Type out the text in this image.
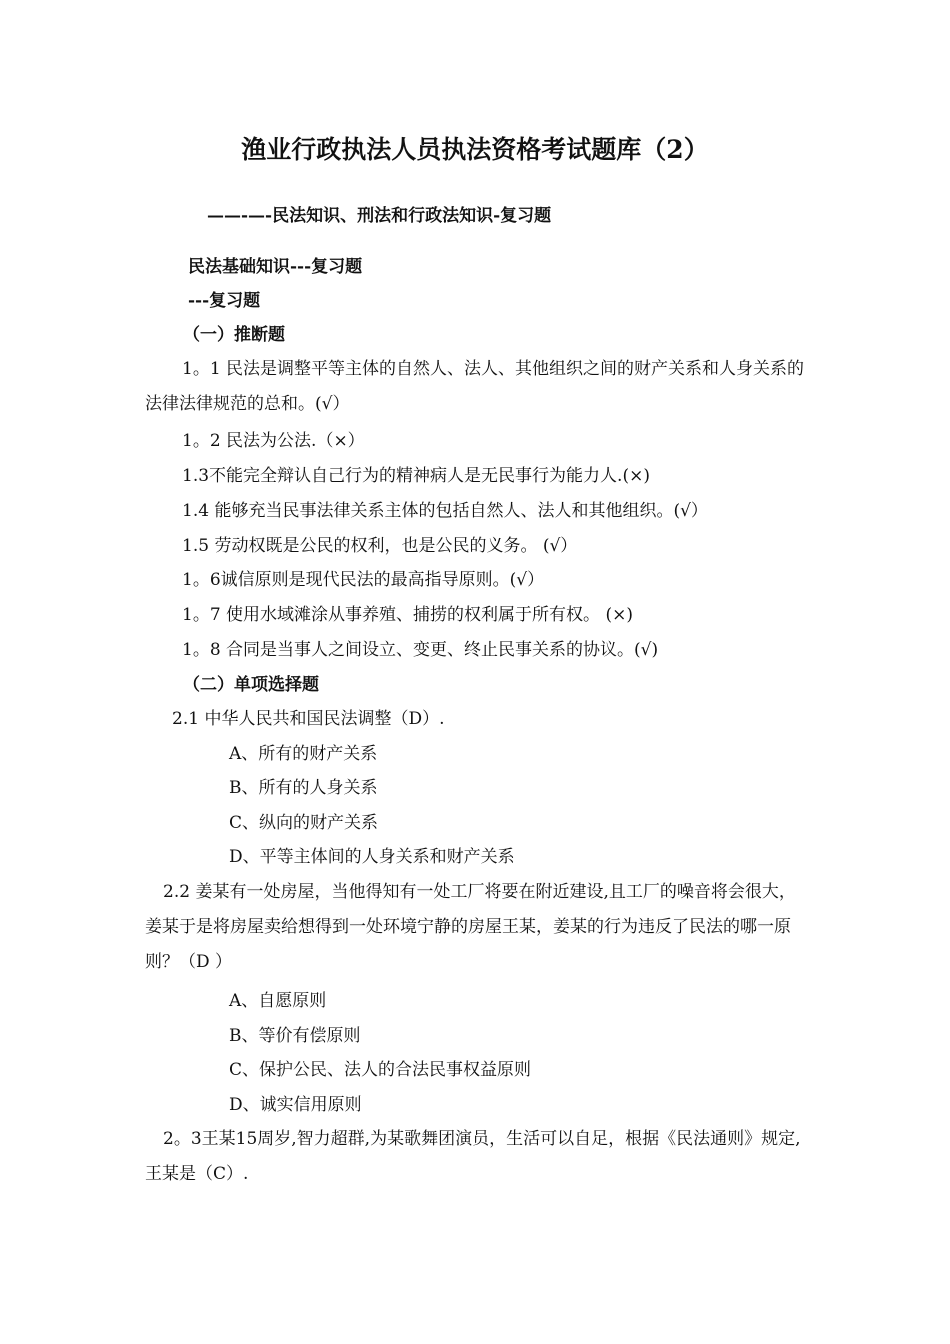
渔业行政执法人员执法资格考试题库（2）
——-—-民法知识、刑法和行政法知识-复习题
民法基础知识---复习题
---复习题
（一）推断题
1。1 民法是调整平等主体的自然人、法人、其他组织之间的财产关系和人身关系的法律法律规范的总和。(√）
1。2 民法为公法.（×）
1.3不能完全辩认自己行为的精神病人是无民事行为能力人.(×)
1.4 能够充当民事法律关系主体的包括自然人、法人和其他组织。(√）
1.5 劳动权既是公民的权利，也是公民的义务。 (√）
1。6诚信原则是现代民法的最高指导原则。(√）
1。7 使用水域滩涂从事养殖、捕捞的权利属于所有权。 (×)
1。8 合同是当事人之间设立、变更、终止民事关系的协议。(√)
（二）单项选择题
2.1 中华人民共和国民法调整（D）.
A、所有的财产关系
B、所有的人身关系
C、纵向的财产关系
D、平等主体间的人身关系和财产关系
2.2 姜某有一处房屋，当他得知有一处工厂将要在附近建设,且工厂的噪音将会很大，姜某于是将房屋卖给想得到一处环境宁静的房屋王某，姜某的行为违反了民法的哪一原则？（D ）
A、自愿原则
B、等价有偿原则
C、保护公民、法人的合法民事权益原则
D、诚实信用原则
2。3王某15周岁,智力超群,为某歌舞团演员，生活可以自足，根据《民法通则》规定,王某是（C）.
